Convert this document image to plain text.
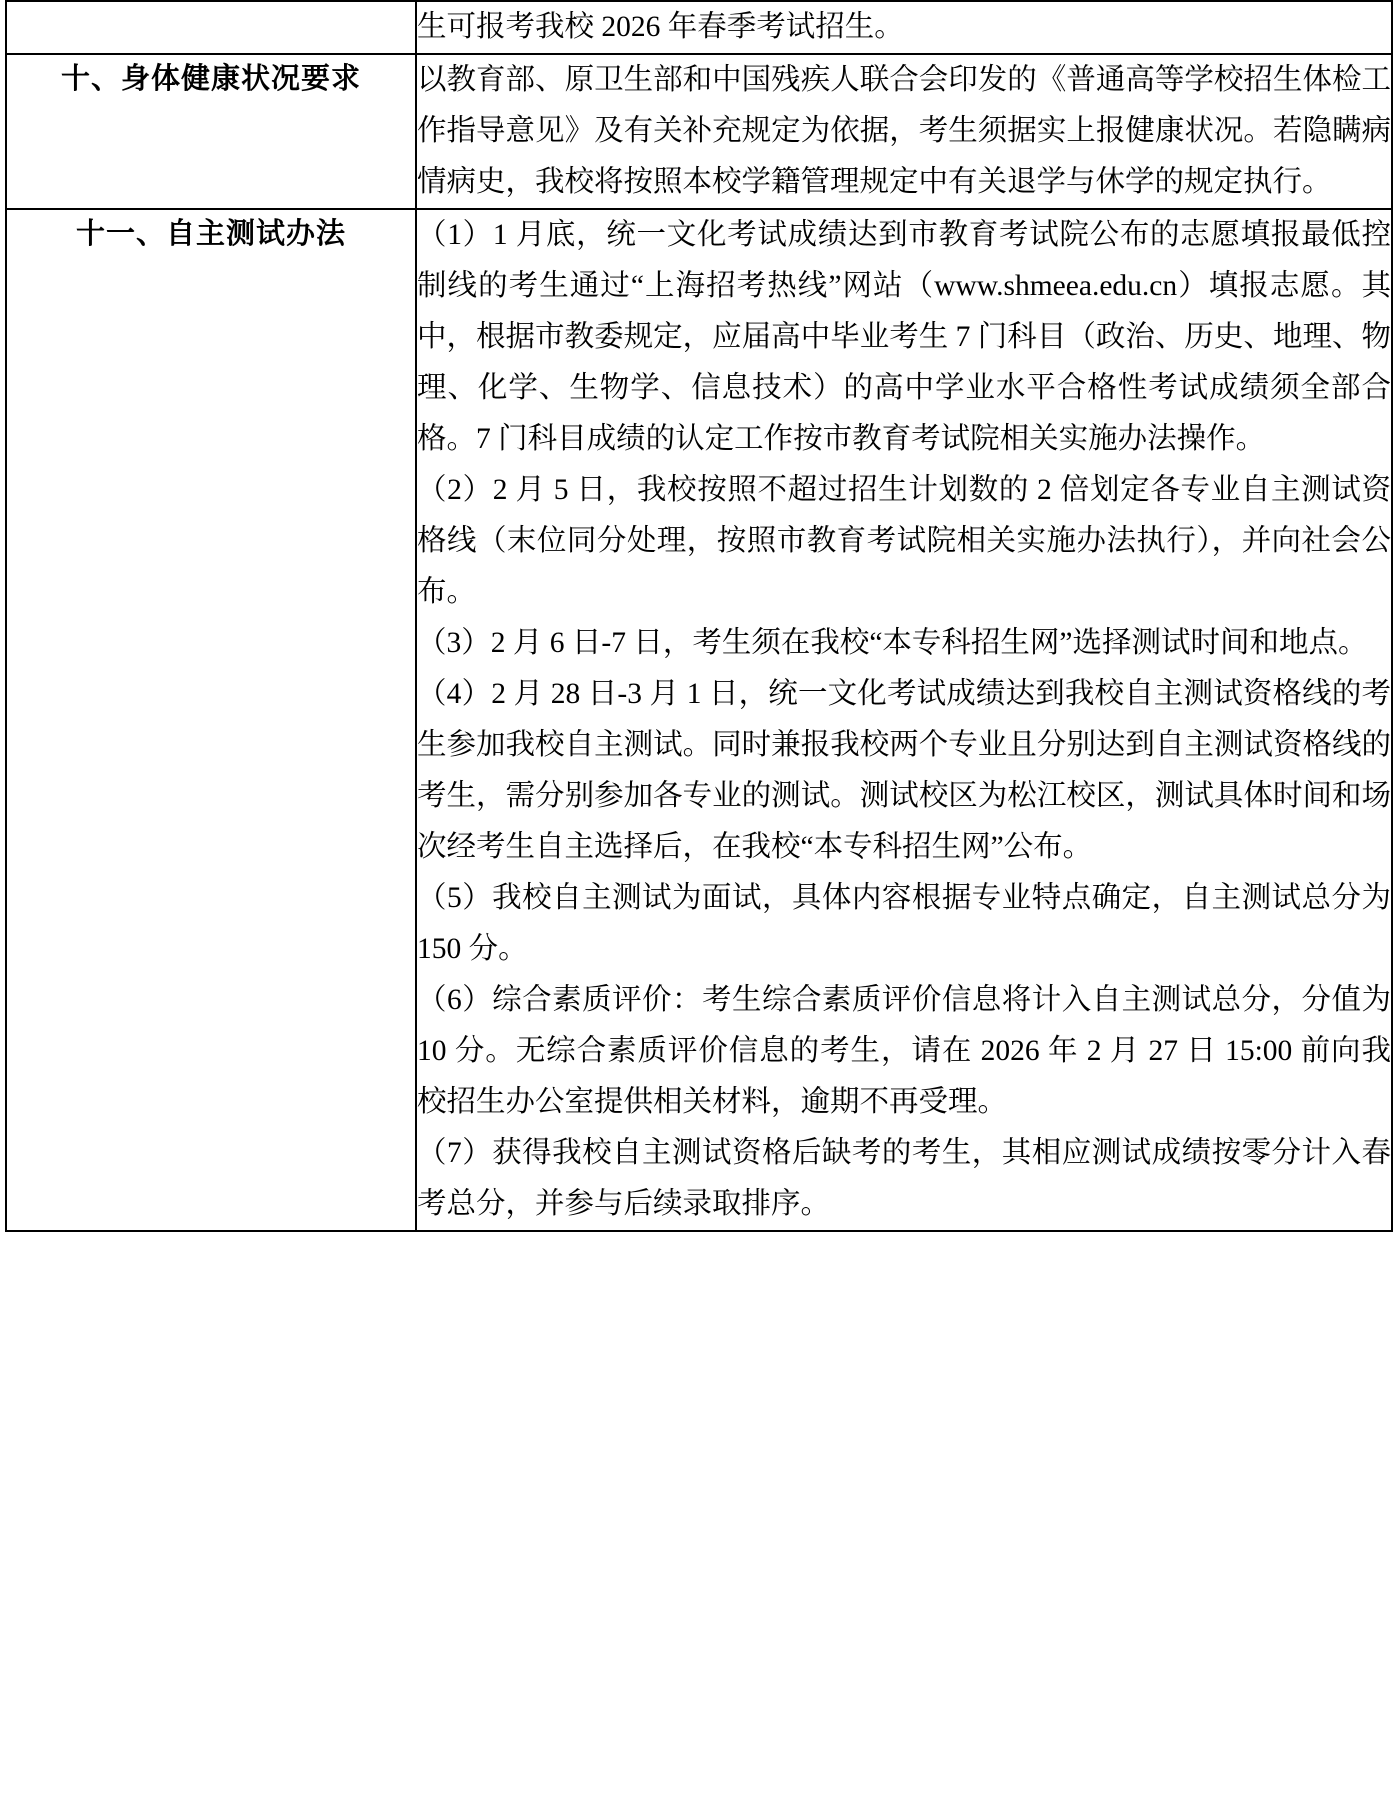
	生可报考我校 2026 年春季考试招生。

十、身体健康状况要求	以教育部、原卫生部和中国残疾人联合会印发的《普通高等学校招生体检工作指导意见》及有关补充规定为依据，考生须据实上报健康状况。若隐瞒病情病史，我校将按照本校学籍管理规定中有关退学与休学的规定执行。

十一、自主测试办法	（1）1 月底，统一文化考试成绩达到市教育考试院公布的志愿填报最低控制线的考生通过“上海招考热线”网站（www.shmeea.edu.cn）填报志愿。其中，根据市教委规定，应届高中毕业考生 7 门科目（政治、历史、地理、物理、化学、生物学、信息技术）的高中学业水平合格性考试成绩须全部合格。7 门科目成绩的认定工作按市教育考试院相关实施办法操作。

（2）2 月 5 日，我校按照不超过招生计划数的 2 倍划定各专业自主测试资格线（末位同分处理，按照市教育考试院相关实施办法执行），并向社会公布。

（3）2 月 6 日-7 日，考生须在我校“本专科招生网”选择测试时间和地点。

（4）2 月 28 日-3 月 1 日，统一文化考试成绩达到我校自主测试资格线的考生参加我校自主测试。同时兼报我校两个专业且分别达到自主测试资格线的考生，需分别参加各专业的测试。测试校区为松江校区，测试具体时间和场次经考生自主选择后，在我校“本专科招生网”公布。

（5）我校自主测试为面试，具体内容根据专业特点确定，自主测试总分为 150 分。

（6）综合素质评价：考生综合素质评价信息将计入自主测试总分，分值为 10 分。无综合素质评价信息的考生，请在 2026 年 2 月 27 日 15:00 前向我校招生办公室提供相关材料，逾期不再受理。

（7）获得我校自主测试资格后缺考的考生，其相应测试成绩按零分计入春考总分，并参与后续录取排序。
